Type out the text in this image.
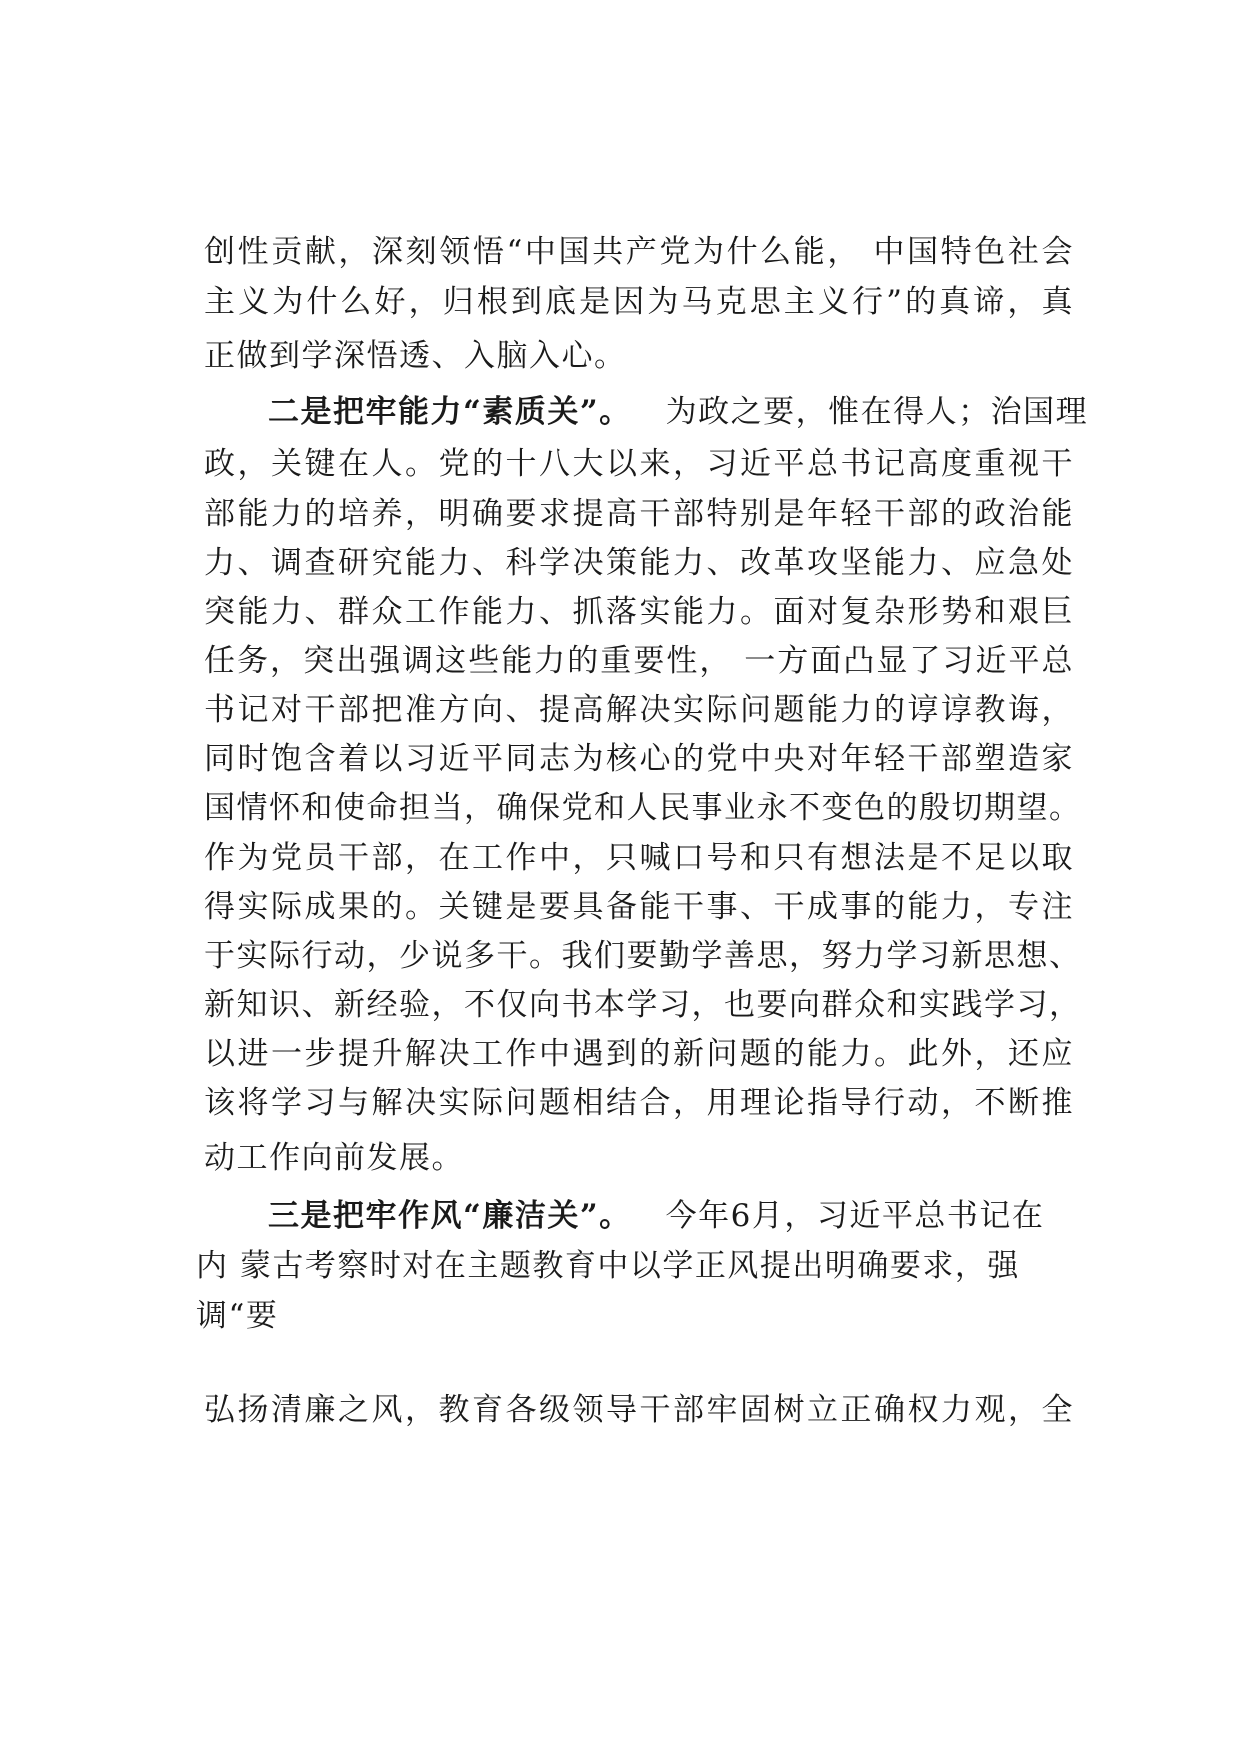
创性贡献，深刻领悟“中国共产党为什么能， 中国特色社会
主义为什么好，归根到底是因为马克思主义行”的真谛，真
正做到学深悟透、入脑入心。
二是把牢能力“素质关”。 为政之要，惟在得人；治国理
政，关键在人。党的十八大以来，习近平总书记高度重视干
部能力的培养，明确要求提高干部特别是年轻干部的政治能
力、调查研究能力、科学决策能力、改革攻坚能力、应急处
突能力、群众工作能力、抓落实能力。面对复杂形势和艰巨
任务，突出强调这些能力的重要性， 一方面凸显了习近平总
书记对干部把准方向、提高解决实际问题能力的谆谆教诲，
同时饱含着以习近平同志为核心的党中央对年轻干部塑造家
国情怀和使命担当，确保党和人民事业永不变色的殷切期望。
作为党员干部，在工作中，只喊口号和只有想法是不足以取
得实际成果的。关键是要具备能干事、干成事的能力，专注
于实际行动，少说多干。我们要勤学善思，努力学习新思想、
新知识、新经验，不仅向书本学习，也要向群众和实践学习，
以进一步提升解决工作中遇到的新问题的能力。此外，还应
该将学习与解决实际问题相结合，用理论指导行动，不断推
动工作向前发展。
三是把牢作风“廉洁关”。 今年6月，习近平总书记在
内 蒙古考察时对在主题教育中以学正风提出明确要求，强
调“要
弘扬清廉之风，教育各级领导干部牢固树立正确权力观，全
